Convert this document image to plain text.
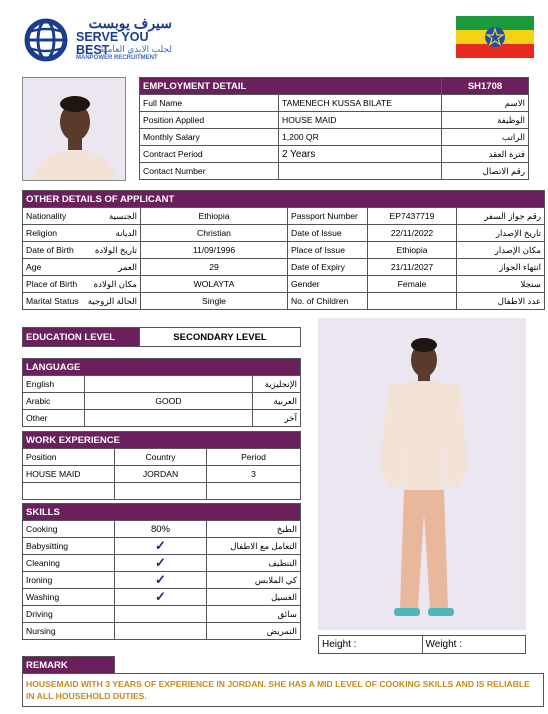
سيرف يوبست
SERVE YOU BEST
لجلب الايدي العاملة
MANPOWER RECRUITMENT
EMPLOYMENT DETAIL		SH1708
Full Name	TAMENECH KUSSA BILATE	الاسم
Position Applied	HOUSE MAID	الوظيفة
Monthly Salary	1,200 QR	الراتب
Contract Period	2 Years	فترة العقد
Contact Number		رقم الاتصال
OTHER DETAILS OF APPLICANT				

Nationality الجنسية	Ethiopia	Passport Number	EP7437719	رقم جواز السفر

Religion الديانة	Christian	Date of Issue	22/11/2022	تاريخ الإصدار

Date of Birth تاريخ الولادة	11/09/1996	Place of Issue	Ethiopia	مكان الإصدار

Age العمر	29	Date of Expiry	21/11/2027	انتهاء الجواز

Place of Birth مكان الولادة	WOLAYTA	Gender	Female	سنجلا

Marital Status الحالة الزوجية	Single	No. of Children		عدد الاطفال
EDUCATION LEVEL	SECONDARY LEVEL
LANGUAGE		
English		الإنجليزية
Arabic	GOOD	العربية
Other		آخر
WORK EXPERIENCE		
Position	Country	Period
HOUSE MAID	JORDAN	3

SKILLS		
Cooking	80%	الطبخ
Babysitting	✓	التعامل مع الاطفال
Cleaning	✓	التنظيف
Ironing	✓	كي الملابس
Washing	✓	الغسيل
Driving		سائق
Nursing		التمريض
Height :	Weight :
REMARK	
HOUSEMAID WITH 3 YEARS OF EXPERIENCE IN JORDAN. SHE HAS A MID LEVEL OF COOKING SKILLS AND IS RELIABLE IN ALL HOUSEHOLD DUTIES.
